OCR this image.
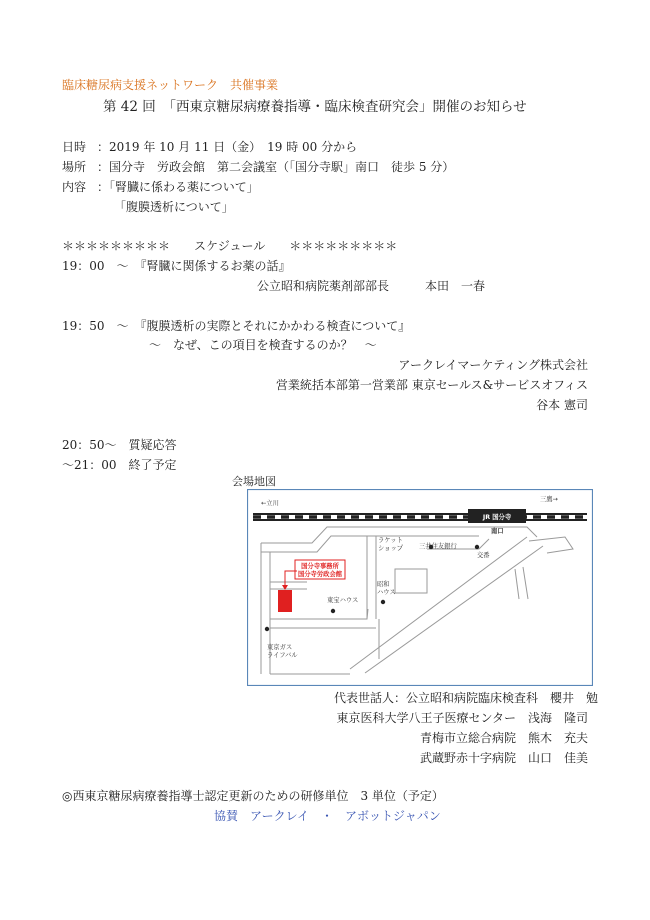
臨床糖尿病支援ネットワーク　共催事業
第 42 回　「西東京糖尿病療養指導・臨床検査研究会」開催のお知らせ
日時 ：2019 年 10 月 11 日（金）　19 時 00 分から
場所 ：国分寺　労政会館　第二会議室（「国分寺駅」南口　徒歩 5 分）
内容 ：「腎臓に係わる薬について」
「腹膜透析について」
＊＊＊＊＊＊＊＊＊　　スケジュール　　＊＊＊＊＊＊＊＊＊
19：00　～　『腎臓に関係するお薬の話』
公立昭和病院薬剤部部長　　　本田　一春
19：50　～　『腹膜透析の実際とそれにかかわる検査について』
～　なぜ、この項目を検査するのか？　～
アークレイマーケティング株式会社
営業統括本部第一営業部 東京セールス&サービスオフィス
谷本 憲司
20：50～　質疑応答
～21：00　終了予定
会場地図
JR 国分寺
←立川
三鷹→
南口
国分寺事務所
国分寺労政会館
ラケット
ショップ	三井住友銀行
交番
昭和
ハウス
東宝ハウス
東京ガス
ライフバル
代表世話人：公立昭和病院臨床検査科　櫻井　勉
東京医科大学八王子医療センター　浅海　隆司
青梅市立総合病院　熊木　充夫
武蔵野赤十字病院　山口　佳美
◎西東京糖尿病療養指導士認定更新のための研修単位　3 単位（予定）
協賛　アークレイ　・　アボットジャパン
